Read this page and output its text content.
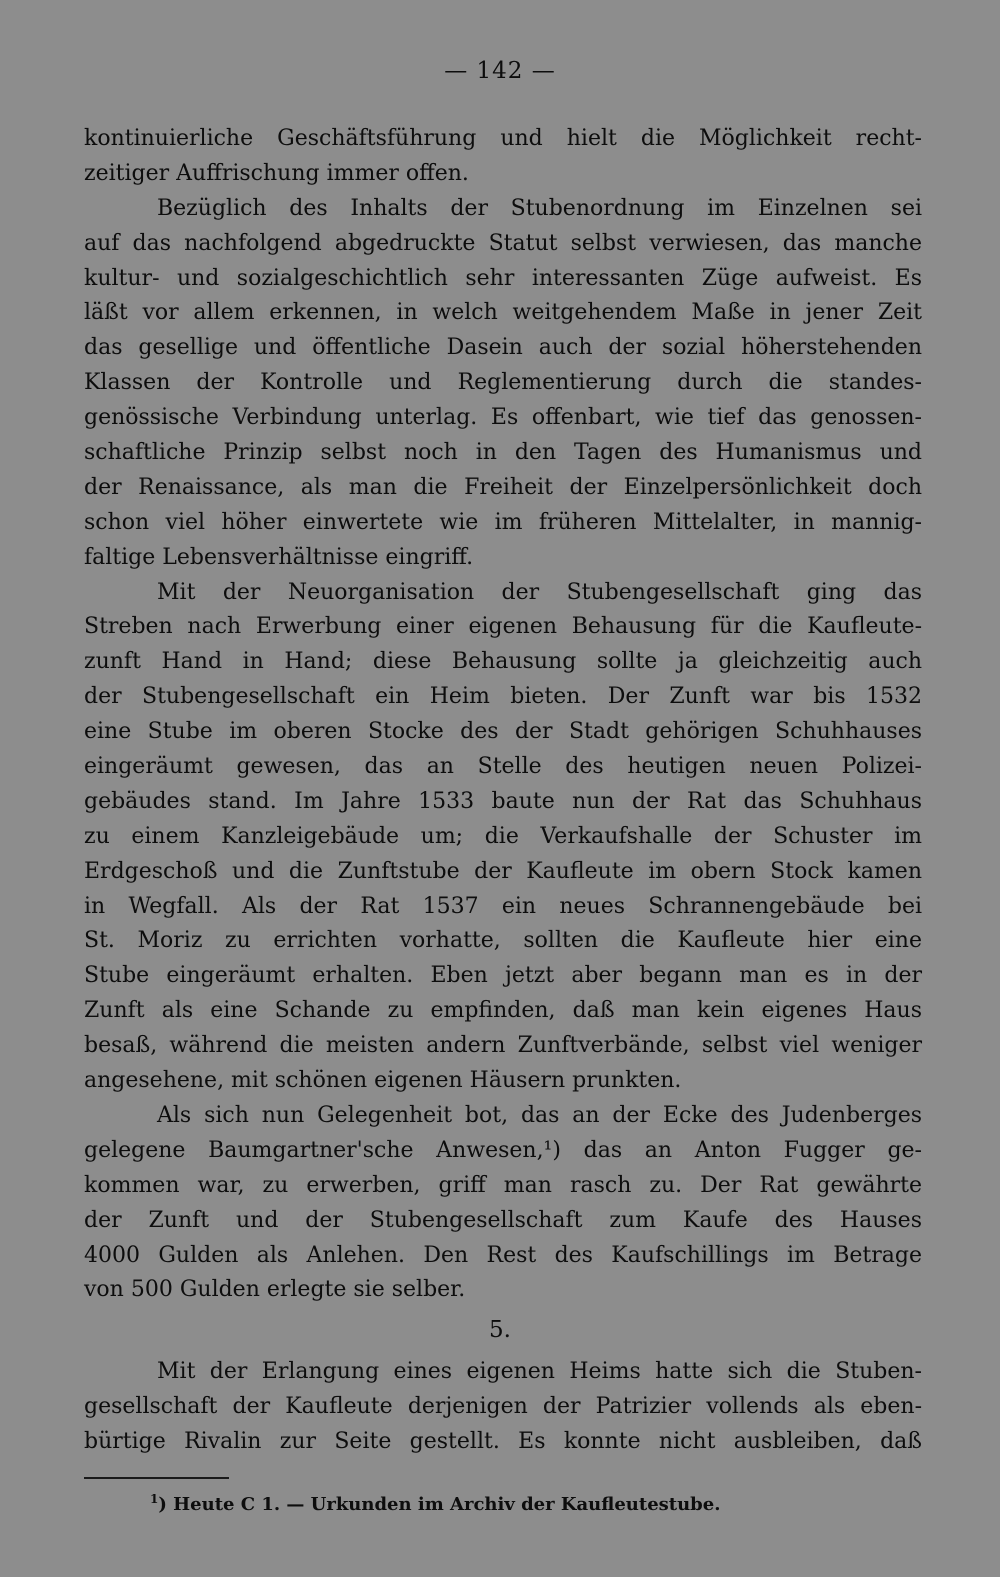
— 142 —
kontinuierliche Geschäftsführung und hielt die Möglichkeit recht-
zeitiger Auffrischung immer offen.
Bezüglich des Inhalts der Stubenordnung im Einzelnen sei
auf das nachfolgend abgedruckte Statut selbst verwiesen, das manche
kultur- und sozialgeschichtlich sehr interessanten Züge aufweist. Es
läßt vor allem erkennen, in welch weitgehendem Maße in jener Zeit
das gesellige und öffentliche Dasein auch der sozial höherstehenden
Klassen der Kontrolle und Reglementierung durch die standes-
genössische Verbindung unterlag. Es offenbart, wie tief das genossen-
schaftliche Prinzip selbst noch in den Tagen des Humanismus und
der Renaissance, als man die Freiheit der Einzelpersönlichkeit doch
schon viel höher einwertete wie im früheren Mittelalter, in mannig-
faltige Lebensverhältnisse eingriff.
Mit der Neuorganisation der Stubengesellschaft ging das
Streben nach Erwerbung einer eigenen Behausung für die Kaufleute-
zunft Hand in Hand; diese Behausung sollte ja gleichzeitig auch
der Stubengesellschaft ein Heim bieten. Der Zunft war bis 1532
eine Stube im oberen Stocke des der Stadt gehörigen Schuhhauses
eingeräumt gewesen, das an Stelle des heutigen neuen Polizei-
gebäudes stand. Im Jahre 1533 baute nun der Rat das Schuhhaus
zu einem Kanzleigebäude um; die Verkaufshalle der Schuster im
Erdgeschoß und die Zunftstube der Kaufleute im obern Stock kamen
in Wegfall. Als der Rat 1537 ein neues Schrannengebäude bei
St. Moriz zu errichten vorhatte, sollten die Kaufleute hier eine
Stube eingeräumt erhalten. Eben jetzt aber begann man es in der
Zunft als eine Schande zu empfinden, daß man kein eigenes Haus
besaß, während die meisten andern Zunftverbände, selbst viel weniger
angesehene, mit schönen eigenen Häusern prunkten.
Als sich nun Gelegenheit bot, das an der Ecke des Judenberges
gelegene Baumgartner'sche Anwesen,¹) das an Anton Fugger ge-
kommen war, zu erwerben, griff man rasch zu. Der Rat gewährte
der Zunft und der Stubengesellschaft zum Kaufe des Hauses
4000 Gulden als Anlehen. Den Rest des Kaufschillings im Betrage
von 500 Gulden erlegte sie selber.
5.
Mit der Erlangung eines eigenen Heims hatte sich die Stuben-
gesellschaft der Kaufleute derjenigen der Patrizier vollends als eben-
bürtige Rivalin zur Seite gestellt. Es konnte nicht ausbleiben, daß
$^1$) Heute C 1. — Urkunden im Archiv der Kaufleutestube.
